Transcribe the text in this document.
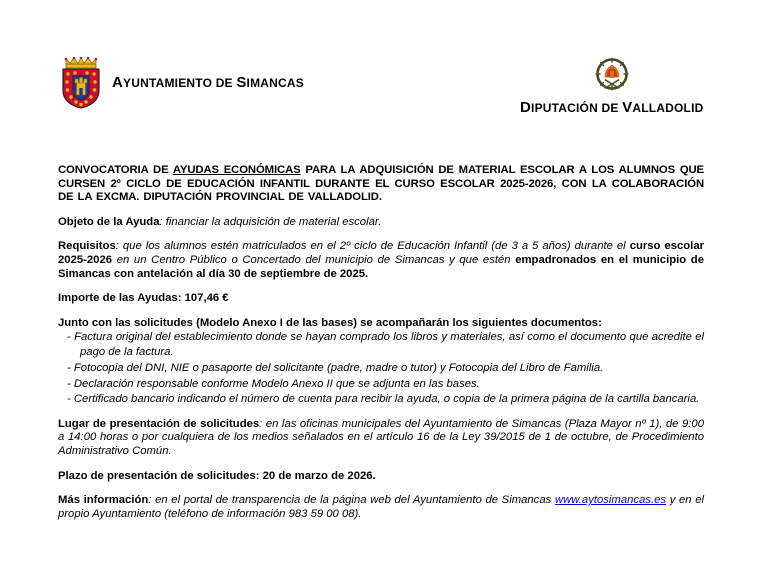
AYUNTAMIENTO DE SIMANCAS
DIPUTACIÓN DE VALLADOLID

CONVOCATORIA DE AYUDAS ECONÓMICAS PARA LA ADQUISICIÓN DE MATERIAL ESCOLAR A LOS ALUMNOS QUE CURSEN 2º CICLO DE EDUCACIÓN INFANTIL DURANTE EL CURSO ESCOLAR 2025-2026, CON LA COLABORACIÓN DE LA EXCMA. DIPUTACIÓN PROVINCIAL DE VALLADOLID.

Objeto de la Ayuda: financiar la adquisición de material escolar.

Requisitos: que los alumnos estén matriculados en el 2º ciclo de Educación Infantil (de 3 a 5 años) durante el curso escolar 2025-2026 en un Centro Público o Concertado del municipio de Simancas y que estén empadronados en el municipio de Simancas con antelación al día 30 de septiembre de 2025.

Importe de las Ayudas: 107,46 €

Junto con las solicitudes (Modelo Anexo I de las bases) se acompañarán los siguientes documentos:

- Factura original del establecimiento donde se hayan comprado los libros y materiales, así como el documento que acredite el pago de la factura.

- Fotocopia del DNI, NIE o pasaporte del solicitante (padre, madre o tutor) y Fotocopia del Libro de Familia.

- Declaración responsable conforme Modelo Anexo II que se adjunta en las bases.

- Certificado bancario indicando el número de cuenta para recibir la ayuda, o copia de la primera página de la cartilla bancaria.

Lugar de presentación de solicitudes: en las oficinas municipales del Ayuntamiento de Simancas (Plaza Mayor nº 1), de 9:00 a 14:00 horas o por cualquiera de los medios señalados en el artículo 16 de la Ley 39/2015 de 1 de octubre, de Procedimiento Administrativo Común.

Plazo de presentación de solicitudes: 20 de marzo de 2026.

Más información: en el portal de transparencia de la página web del Ayuntamiento de Simancas www.aytosimancas.es y en el propio Ayuntamiento (teléfono de información 983 59 00 08).
